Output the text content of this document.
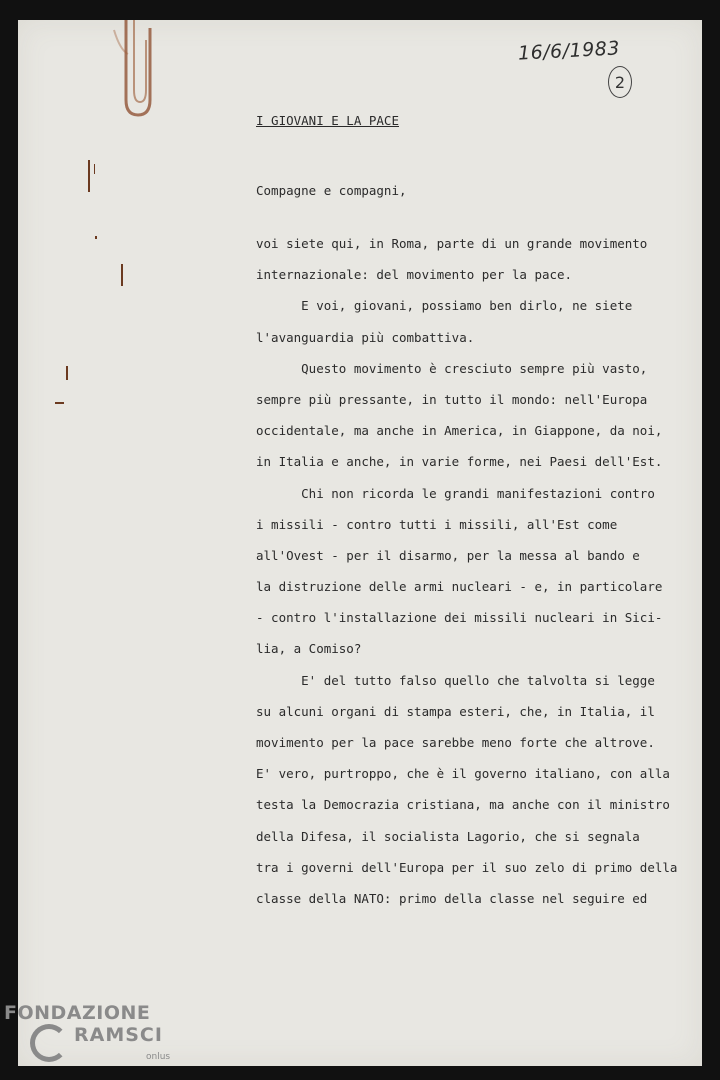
16/6/1983
2
I GIOVANI E LA PACE
Compagne e compagni,
voi siete qui, in Roma, parte di un grande movimento
internazionale: del movimento per la pace.
E voi, giovani, possiamo ben dirlo, ne siete
l'avanguardia più combattiva.
Questo movimento è cresciuto sempre più vasto,
sempre più pressante, in tutto il mondo: nell'Europa
occidentale, ma anche in America, in Giappone, da noi,
in Italia e anche, in varie forme, nei Paesi dell'Est.
Chi non ricorda le grandi manifestazioni contro
i missili - contro tutti i missili, all'Est come
all'Ovest - per il disarmo, per la messa al bando e
la distruzione delle armi nucleari - e, in particolare
- contro l'installazione dei missili nucleari in Sici-
lia, a Comiso?
E' del tutto falso quello che talvolta si legge
su alcuni organi di stampa esteri, che, in Italia, il
movimento per la pace sarebbe meno forte che altrove.
E' vero, purtroppo, che è il governo italiano, con alla
testa la Democrazia cristiana, ma anche con il ministro
della Difesa, il socialista Lagorio, che si segnala
tra i governi dell'Europa per il suo zelo di primo della
classe della NATO: primo della classe nel seguire ed
FONDAZIONE
RAMSCI
onlus
